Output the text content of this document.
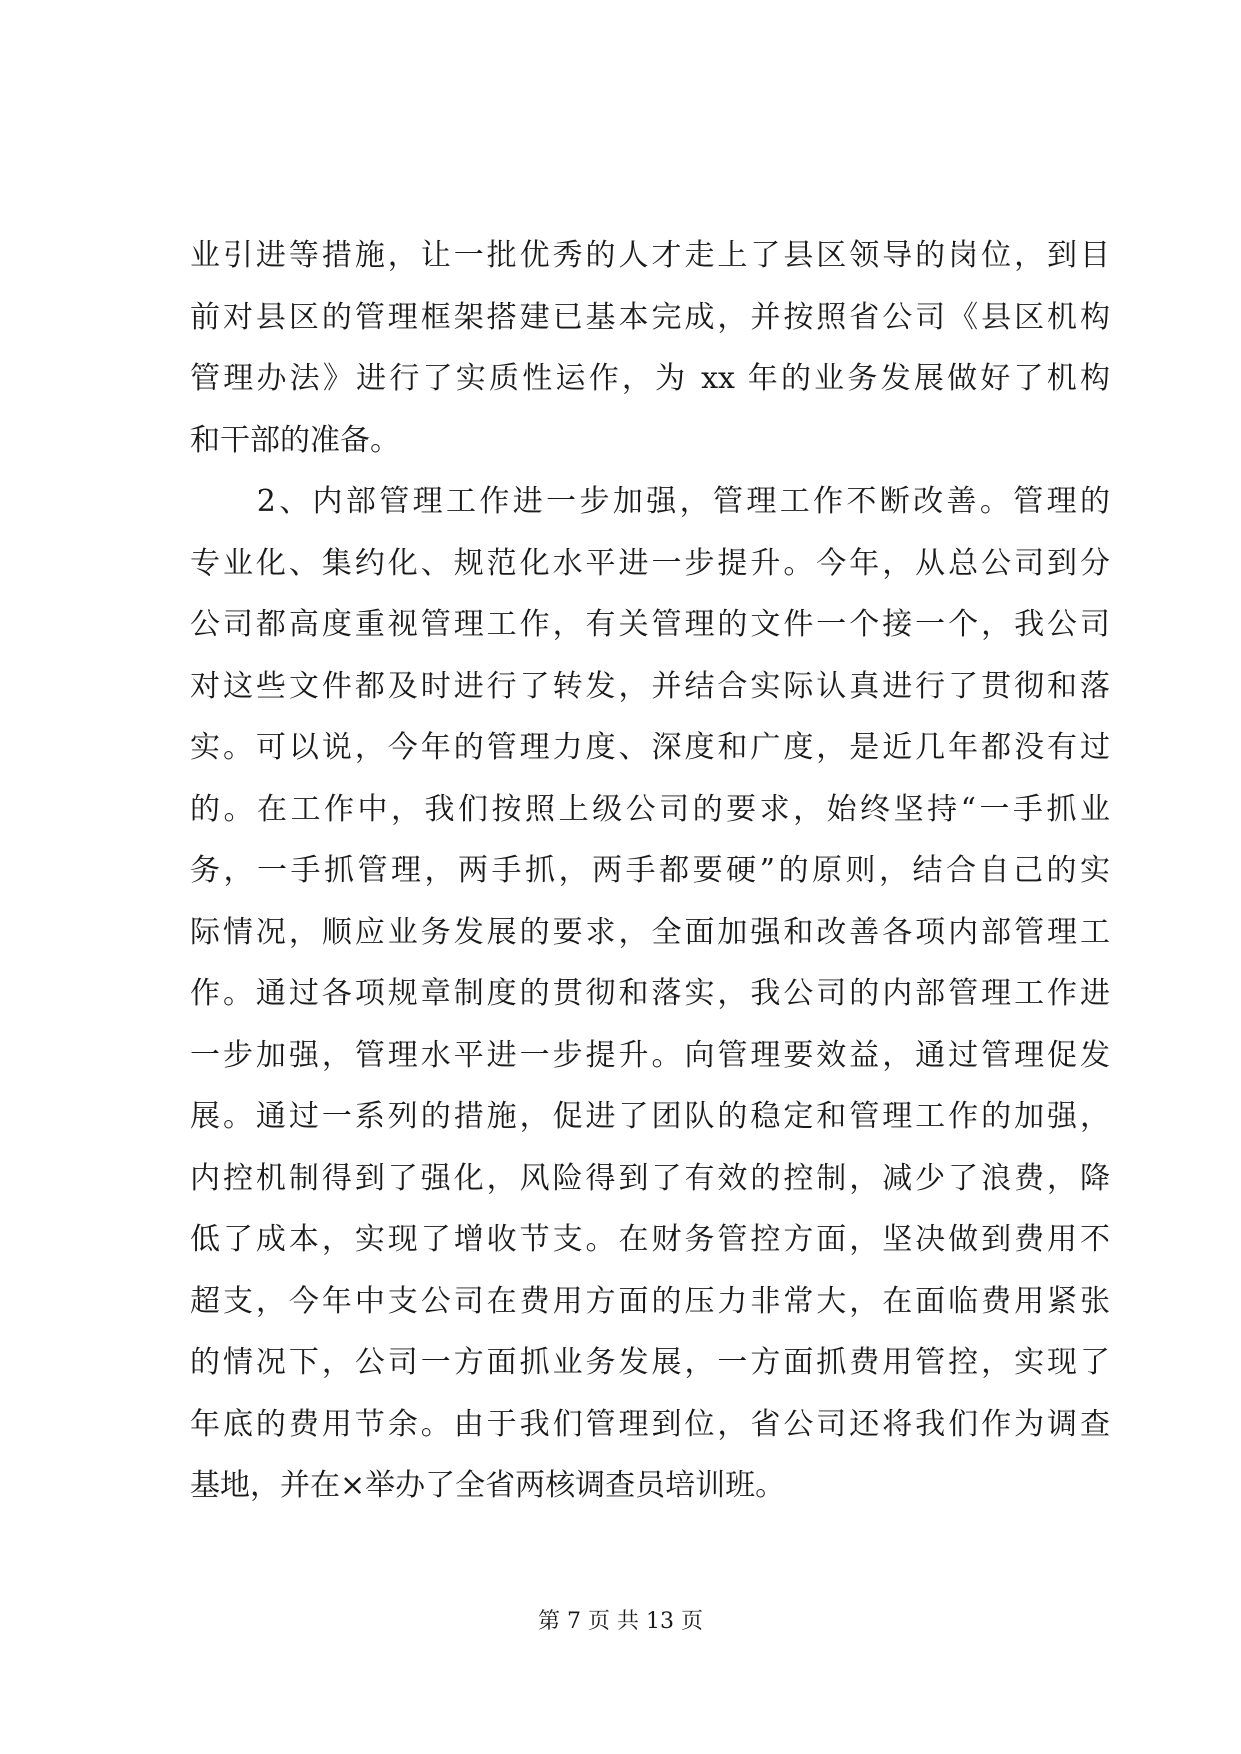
业引进等措施，让一批优秀的人才走上了县区领导的岗位，到目
前对县区的管理框架搭建已基本完成，并按照省公司《县区机构
管理办法》进行了实质性运作，为 xx 年的业务发展做好了机构
和干部的准备。
　　2、内部管理工作进一步加强，管理工作不断改善。管理的
专业化、集约化、规范化水平进一步提升。今年，从总公司到分
公司都高度重视管理工作，有关管理的文件一个接一个，我公司
对这些文件都及时进行了转发，并结合实际认真进行了贯彻和落
实。可以说，今年的管理力度、深度和广度，是近几年都没有过
的。在工作中，我们按照上级公司的要求，始终坚持“一手抓业
务，一手抓管理，两手抓，两手都要硬”的原则，结合自己的实
际情况，顺应业务发展的要求，全面加强和改善各项内部管理工
作。通过各项规章制度的贯彻和落实，我公司的内部管理工作进
一步加强，管理水平进一步提升。向管理要效益，通过管理促发
展。通过一系列的措施，促进了团队的稳定和管理工作的加强，
内控机制得到了强化，风险得到了有效的控制，减少了浪费，降
低了成本，实现了增收节支。在财务管控方面，坚决做到费用不
超支，今年中支公司在费用方面的压力非常大，在面临费用紧张
的情况下，公司一方面抓业务发展，一方面抓费用管控，实现了
年底的费用节余。由于我们管理到位，省公司还将我们作为调查
基地，并在×举办了全省两核调查员培训班。
第 7 页 共 13 页
